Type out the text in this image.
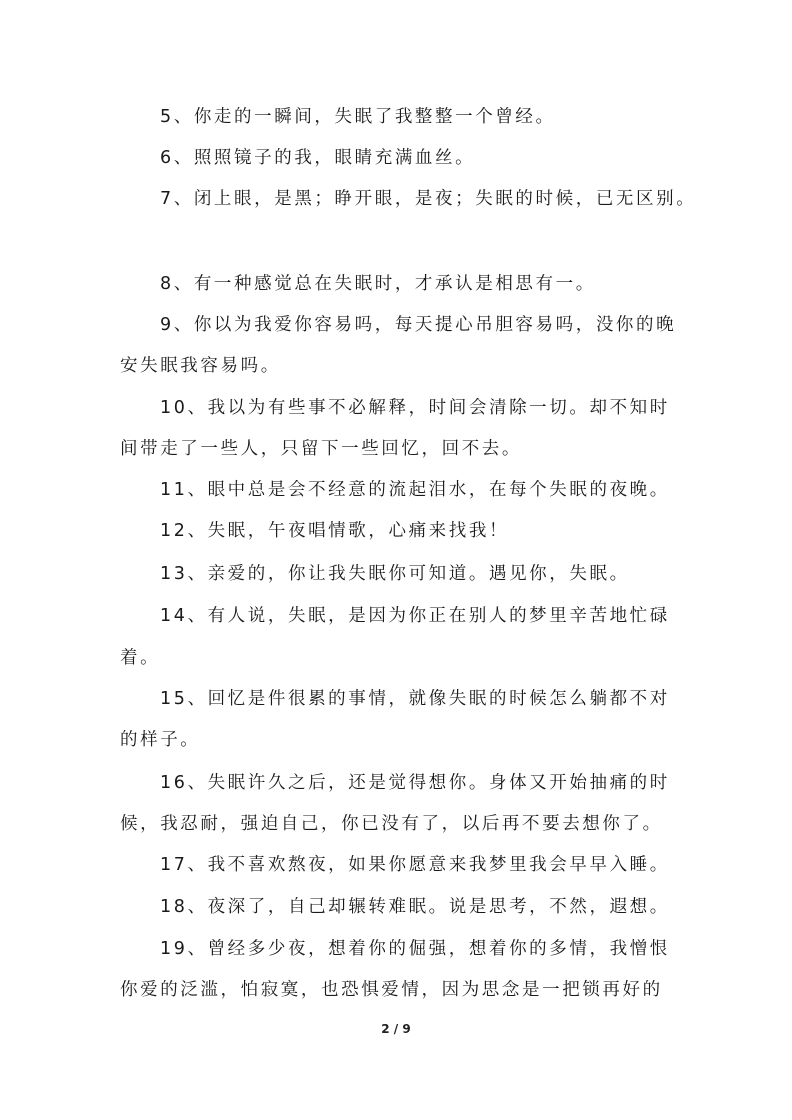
5、你走的一瞬间，失眠了我整整一个曾经。
6、照照镜子的我，眼睛充满血丝。
7、闭上眼，是黑；睁开眼，是夜；失眠的时候，已无区别。
8、有一种感觉总在失眠时，才承认是相思有一。
9、你以为我爱你容易吗，每天提心吊胆容易吗，没你的晚
安失眠我容易吗。
10、我以为有些事不必解释，时间会清除一切。却不知时
间带走了一些人，只留下一些回忆，回不去。
11、眼中总是会不经意的流起泪水，在每个失眠的夜晚。
12、失眠，午夜唱情歌，心痛来找我！
13、亲爱的，你让我失眠你可知道。遇见你，失眠。
14、有人说，失眠，是因为你正在别人的梦里辛苦地忙碌
着。
15、回忆是件很累的事情，就像失眠的时候怎么躺都不对
的样子。
16、失眠许久之后，还是觉得想你。身体又开始抽痛的时
候，我忍耐，强迫自己，你已没有了，以后再不要去想你了。
17、我不喜欢熬夜，如果你愿意来我梦里我会早早入睡。
18、夜深了，自己却辗转难眠。说是思考，不然，遐想。
19、曾经多少夜，想着你的倔强，想着你的多情，我憎恨
你爱的泛滥，怕寂寞，也恐惧爱情，因为思念是一把锁再好的
2 / 9
